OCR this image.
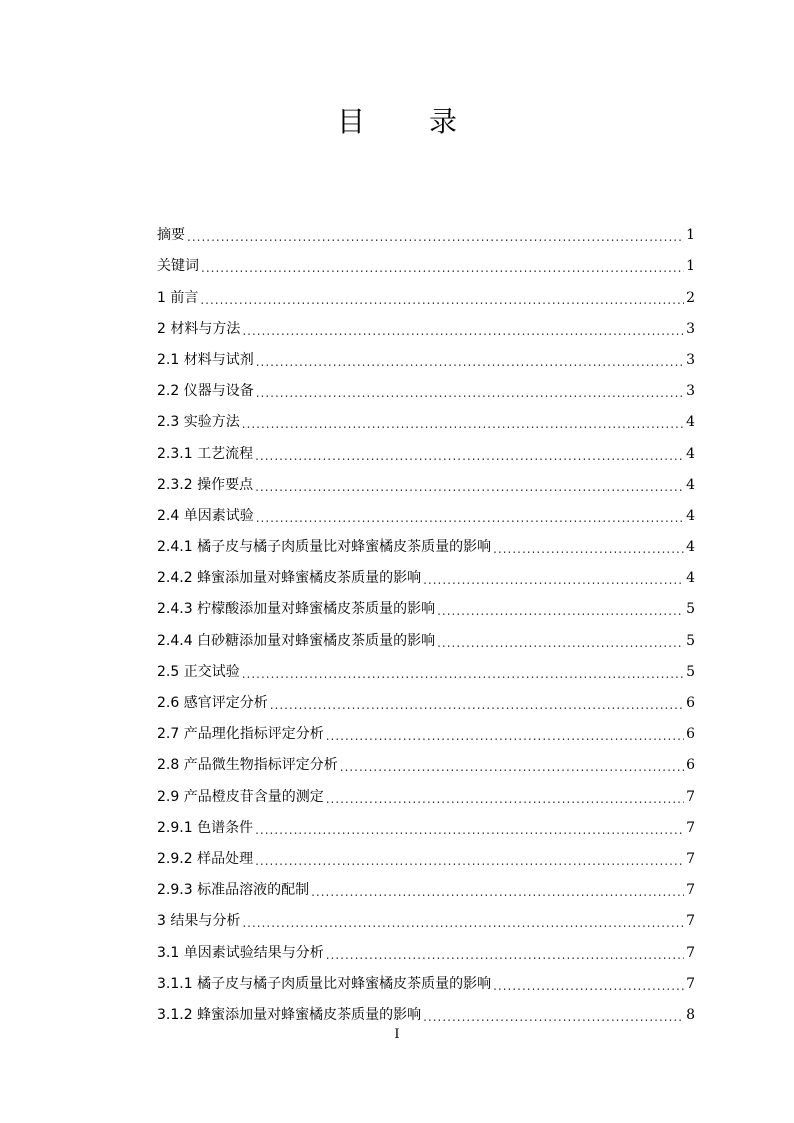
目 录
摘要 .....	1
关键词 .....	1
1 前言 .....	2
2 材料与方法 .....	3
2.1 材料与试剂 .....	3
2.2 仪器与设备 .....	3
2.3 实验方法 .....	4
2.3.1 工艺流程 .....	4
2.3.2 操作要点 .....	4
2.4 单因素试验 .....	4
2.4.1 橘子皮与橘子肉质量比对蜂蜜橘皮茶质量的影响 .....	4
2.4.2 蜂蜜添加量对蜂蜜橘皮茶质量的影响 .....	4
2.4.3 柠檬酸添加量对蜂蜜橘皮茶质量的影响 .....	5
2.4.4 白砂糖添加量对蜂蜜橘皮茶质量的影响 .....	5
2.5 正交试验 .....	5
2.6 感官评定分析 .....	6
2.7 产品理化指标评定分析 .....	6
2.8 产品微生物指标评定分析 .....	6
2.9 产品橙皮苷含量的测定 .....	7
2.9.1 色谱条件 .....	7
2.9.2 样品处理 .....	7
2.9.3 标准品溶液的配制 .....	7
3 结果与分析 .....	7
3.1 单因素试验结果与分析 .....	7
3.1.1 橘子皮与橘子肉质量比对蜂蜜橘皮茶质量的影响 .....	7
3.1.2 蜂蜜添加量对蜂蜜橘皮茶质量的影响 .....	8
I
